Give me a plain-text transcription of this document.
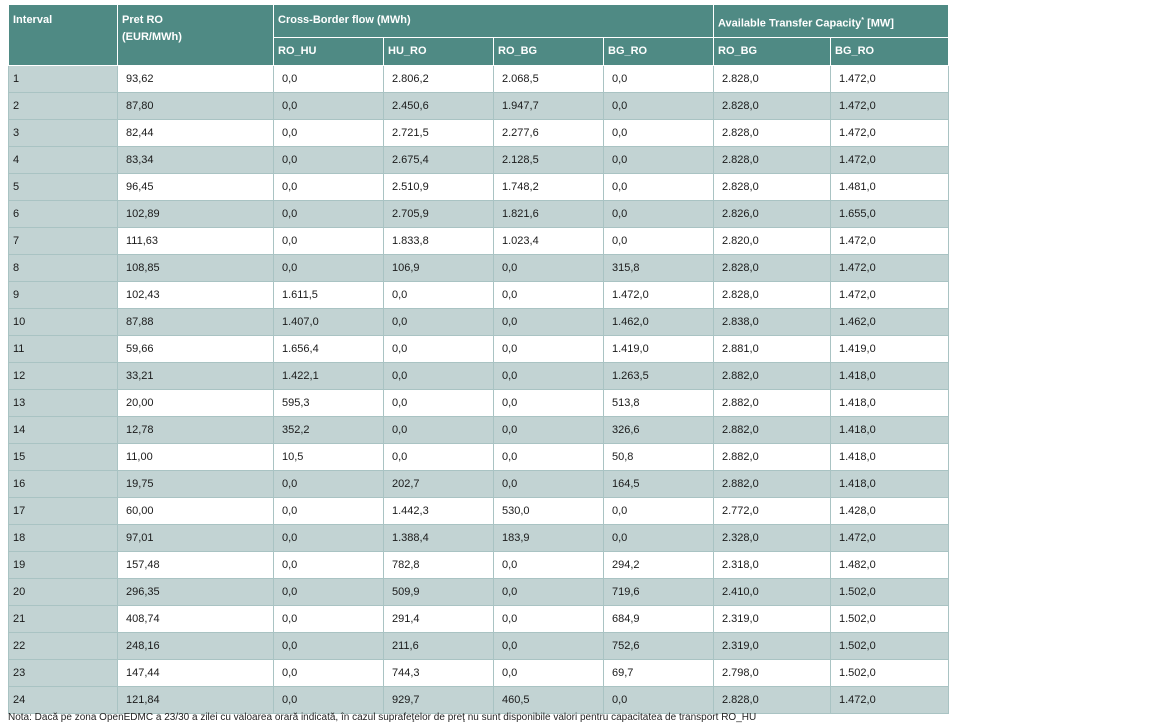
Interval	Pret RO
(EUR/MWh)	Cross-Border flow (MWh)				Available Transfer Capacity* [MW]	
		RO_HU	HU_RO	RO_BG	BG_RO	RO_BG	BG_RO
1	93,62	0,0	2.806,2	2.068,5	0,0	2.828,0	1.472,0
2	87,80	0,0	2.450,6	1.947,7	0,0	2.828,0	1.472,0
3	82,44	0,0	2.721,5	2.277,6	0,0	2.828,0	1.472,0
4	83,34	0,0	2.675,4	2.128,5	0,0	2.828,0	1.472,0
5	96,45	0,0	2.510,9	1.748,2	0,0	2.828,0	1.481,0
6	102,89	0,0	2.705,9	1.821,6	0,0	2.826,0	1.655,0
7	111,63	0,0	1.833,8	1.023,4	0,0	2.820,0	1.472,0
8	108,85	0,0	106,9	0,0	315,8	2.828,0	1.472,0
9	102,43	1.611,5	0,0	0,0	1.472,0	2.828,0	1.472,0
10	87,88	1.407,0	0,0	0,0	1.462,0	2.838,0	1.462,0
11	59,66	1.656,4	0,0	0,0	1.419,0	2.881,0	1.419,0
12	33,21	1.422,1	0,0	0,0	1.263,5	2.882,0	1.418,0
13	20,00	595,3	0,0	0,0	513,8	2.882,0	1.418,0
14	12,78	352,2	0,0	0,0	326,6	2.882,0	1.418,0
15	11,00	10,5	0,0	0,0	50,8	2.882,0	1.418,0
16	19,75	0,0	202,7	0,0	164,5	2.882,0	1.418,0
17	60,00	0,0	1.442,3	530,0	0,0	2.772,0	1.428,0
18	97,01	0,0	1.388,4	183,9	0,0	2.328,0	1.472,0
19	157,48	0,0	782,8	0,0	294,2	2.318,0	1.482,0
20	296,35	0,0	509,9	0,0	719,6	2.410,0	1.502,0
21	408,74	0,0	291,4	0,0	684,9	2.319,0	1.502,0
22	248,16	0,0	211,6	0,0	752,6	2.319,0	1.502,0
23	147,44	0,0	744,3	0,0	69,7	2.798,0	1.502,0
24	121,84	0,0	929,7	460,5	0,0	2.828,0	1.472,0
Nota: Dacă pe zona OpenEDMC a 23/30 a zilei cu valoarea orară indicată, în cazul suprafeţelor de preţ nu sunt disponibile valori pentru capacitatea de transport RO_HU
